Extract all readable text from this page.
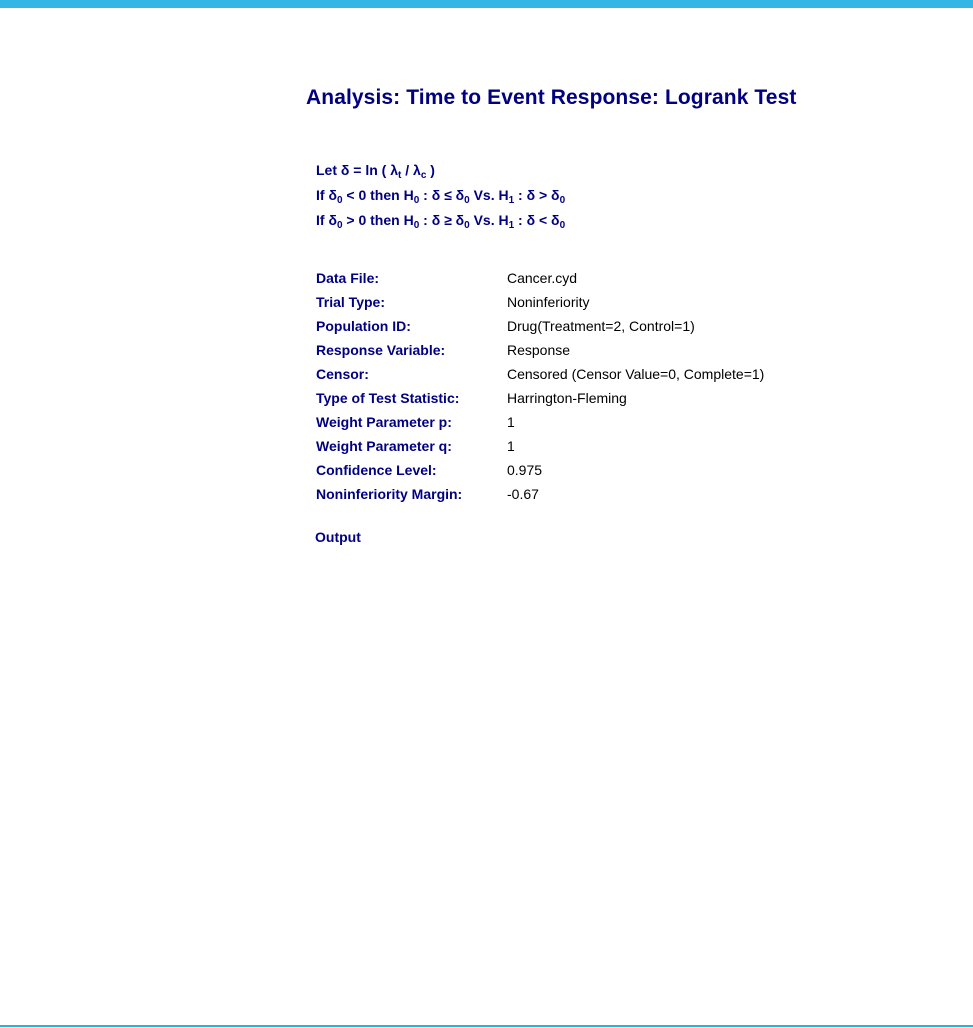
Analysis: Time to Event Response: Logrank Test
Let δ = ln ( $\lambda_t / \lambda_c$ )
If $\delta_0 < 0$ then $H_0$ : $\delta \le \delta_0$ Vs. $H_1$ : $\delta > \delta_0$
If $\delta_0 > 0$ then $H_0$ : $\delta \ge \delta_0$ Vs. $H_1$ : $\delta < \delta_0$
Data File:	Cancer.cyd
Trial Type:	Noninferiority
Population ID:	Drug(Treatment=2, Control=1)
Response Variable:	Response
Censor:	Censored (Censor Value=0, Complete=1)
Type of Test Statistic:	Harrington-Fleming
Weight Parameter p:	1
Weight Parameter q:	1
Confidence Level:	0.975
Noninferiority Margin:	-0.67
Output
